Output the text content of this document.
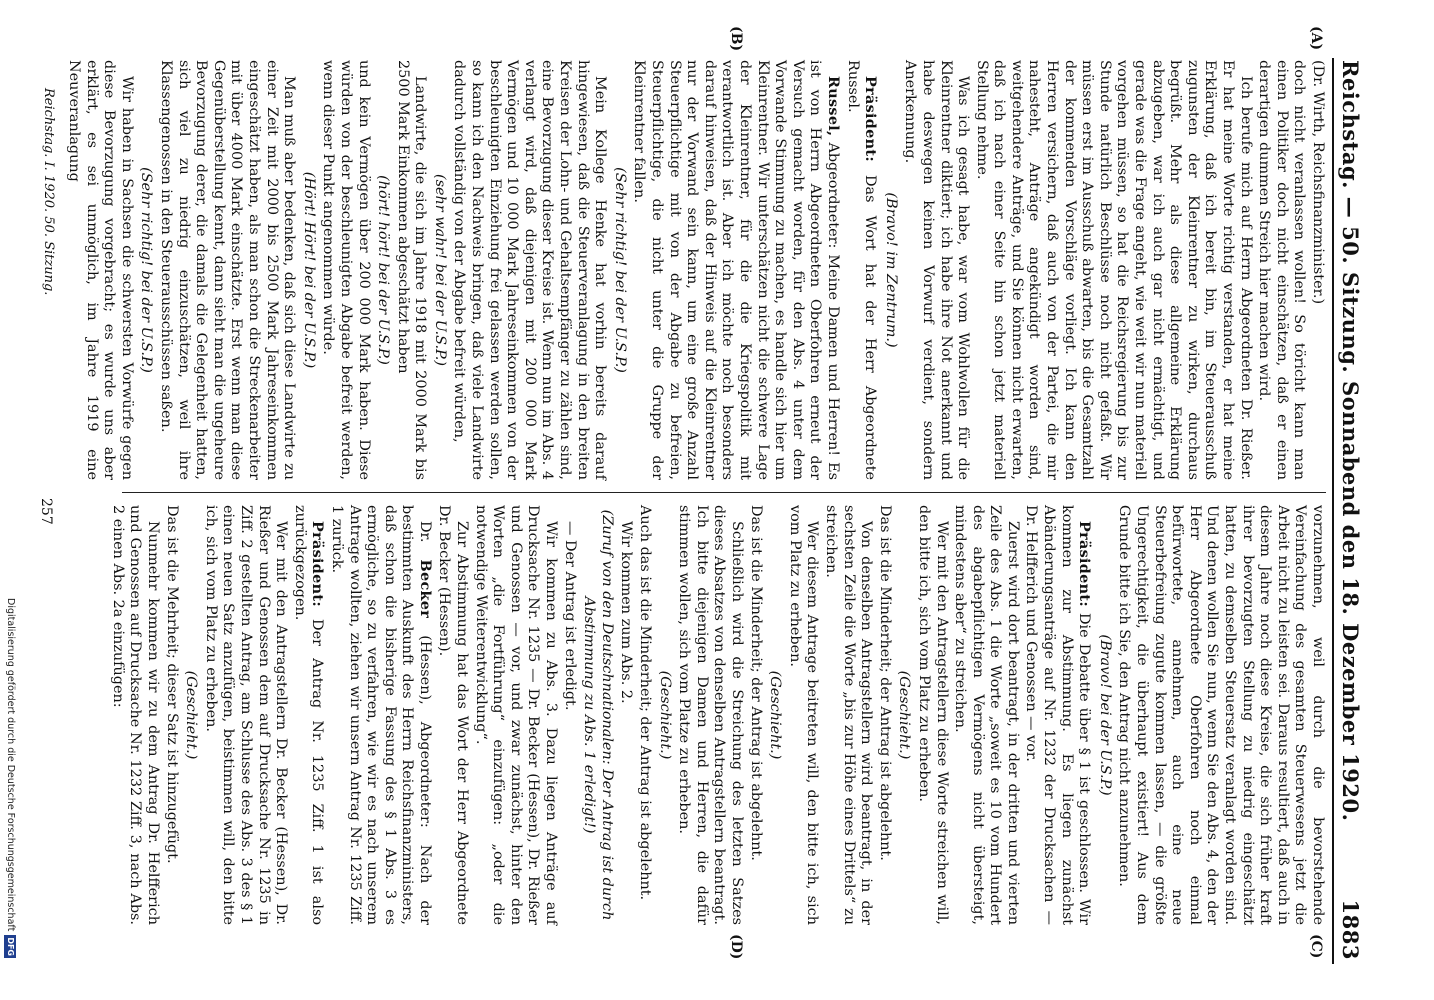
Reichstag. — 50. Sitzung. Sonnabend den 18. Dezember 1920.
1883
(A)
(B)
(C)
(D)

(Dr. Wirth, Reichsfinanzminister.)

doch nicht veranlassen wollen! So töricht kann man einen Politiker doch nicht einschätzen, daß er einen derartigen dummen Streich hier machen wird.

Ich berufe mich auf Herrn Abgeordneten Dr. Rießer. Er hat meine Worte richtig verstanden, er hat meine Erklärung, daß ich bereit bin, im Steuerausschuß zugunsten der Kleinrentner zu wirken, durchaus begrüßt. Mehr als diese allgemeine Erklärung abzugeben, war ich auch gar nicht ermächtigt, und gerade was die Frage angeht, wie weit wir nun materiell vorgehen müssen, so hat die Reichsregierung bis zur Stunde natürlich Beschlüsse noch nicht gefaßt. Wir müssen erst im Ausschuß abwarten, bis die Gesamtzahl der kommenden Vorschläge vorliegt. Ich kann den Herren versichern, daß auch von der Partei, die mir nahesteht, Anträge angekündigt worden sind, weitgehendere Anträge, und Sie können nicht erwarten, daß ich nach einer Seite hin schon jetzt materiell Stellung nehme.

Was ich gesagt habe, war vom Wohlwollen für die Kleinrentner diktiert; ich habe ihre Not anerkannt und habe deswegen keinen Vorwurf verdient, sondern Anerkennung.

(Bravo! im Zentrum.)

Präsident: Das Wort hat der Herr Abgeordnete Russel.

Russel, Abgeordneter: Meine Damen und Herren! Es ist von Herrn Abgeordneten Oberfohren erneut der Versuch gemacht worden, für den Abs. 4 unter dem Vorwande Stimmung zu machen, es handle sich hier um Kleinrentner. Wir unterschätzen nicht die schwere Lage der Kleinrentner, für die die Kriegspolitik mit verantwortlich ist. Aber ich möchte noch besonders darauf hinweisen, daß der Hinweis auf die Kleinrentner nur der Vorwand sein kann, um eine große Anzahl Steuerpflichtige mit von der Abgabe zu befreien, Steuerpflichtige, die nicht unter die Gruppe der Kleinrentner fallen.

(Sehr richtig! bei der U.S.P.)

Mein Kollege Henke hat vorhin bereits darauf hingewiesen, daß die Steuerveranlagung in den breiten Kreisen der Lohn- und Gehaltsempfänger zu zählen sind, eine Bevorzugung dieser Kreise ist. Wenn nun im Abs. 4 verlangt wird, daß diejenigen mit 200 000 Mark Vermögen und 10 000 Mark Jahreseinkommen von der beschleunigten Einziehung frei gelassen werden sollen, so kann ich den Nachweis bringen, daß viele Landwirte dadurch vollständig von der Abgabe befreit würden,

(sehr wahr! bei der U.S.P.)

Landwirte, die sich im Jahre 1918 mit 2000 Mark bis 2500 Mark Einkommen abgeschätzt haben

(hört! hört! bei der U.S.P.)

und kein Vermögen über 200 000 Mark haben. Diese würden von der beschleunigten Abgabe befreit werden, wenn dieser Punkt angenommen würde.

(Hört! Hört! bei der U.S.P.)

Man muß aber bedenken, daß sich diese Landwirte zu einer Zeit mit 2000 bis 2500 Mark Jahreseinkommen eingeschätzt haben, als man schon die Streckenarbeiter mit über 4000 Mark einschätzte. Erst wenn man diese Gegenüberstellung kennt, dann sieht man die ungeheure Bevorzugung derer, die damals die Gelegenheit hatten, sich viel zu niedrig einzuschätzen, weil ihre Klassengenossen in den Steuerausschüssen saßen.

(Sehr richtig! bei der U.S.P.)

Wir haben in Sachsen die schwersten Vorwürfe gegen diese Bevorzugung vorgebracht; es wurde uns aber erklärt, es sei unmöglich, im Jahre 1919 eine Neuveranlagung

vorzunehmen, weil durch die bevorstehende Vereinfachung des gesamten Steuerwesens jetzt die Arbeit nicht zu leisten sei. Daraus resultiert, daß auch in diesem Jahre noch diese Kreise, die sich früher kraft ihrer bevorzugten Stellung zu niedrig eingeschätzt hatten, zu demselben Steuersatz veranlagt worden sind. Und denen wollen Sie nun, wenn Sie den Abs. 4, den der Herr Abgeordnete Oberfohren noch einmal befürwortete, annehmen, auch eine neue Steuerbefreiung zugute kommen lassen, — die größte Ungerechtigkeit, die überhaupt existiert! Aus dem Grunde bitte ich Sie, den Antrag nicht anzunehmen.

(Bravo! bei der U.S.P.)

Präsident: Die Debatte über § 1 ist geschlossen. Wir kommen zur Abstimmung. Es liegen zunächst Abänderungsanträge auf Nr. 1232 der Drucksachen — Dr. Helfferich und Genossen — vor.

Zuerst wird dort beantragt, in der dritten und vierten Zeile des Abs. 1 die Worte „soweit es 10 vom Hundert des abgabepflichtigen Vermögens nicht übersteigt, mindestens aber“ zu streichen.

Wer mit den Antragstellern diese Worte streichen will, den bitte ich, sich vom Platz zu erheben.

(Geschieht.)

Das ist die Minderheit; der Antrag ist abgelehnt.

Von denselben Antragstellern wird beantragt, in der sechsten Zeile die Worte „bis zur Höhe eines Drittels“ zu streichen.

Wer diesem Antrage beitreten will, den bitte ich, sich vom Platz zu erheben.

(Geschieht.)

Das ist die Minderheit; der Antrag ist abgelehnt.

Schließlich wird die Streichung des letzten Satzes dieses Absatzes von denselben Antragstellern beantragt. Ich bitte diejenigen Damen und Herren, die dafür stimmen wollen, sich vom Platze zu erheben.

(Geschieht.)

Auch das ist die Minderheit; der Antrag ist abgelehnt.

Wir kommen zum Abs. 2.

(Zuruf von den Deutschnationalen: Der Antrag ist durch Abstimmung zu Abs. 1 erledigt!)

— Der Antrag ist erledigt.

Wir kommen zu Abs. 3. Dazu liegen Anträge auf Drucksache Nr. 1235 — Dr. Becker (Hessen), Dr. Rießer und Genossen — vor, und zwar zunächst, hinter den Worten „die Fortführung“ einzufügen: „oder die notwendige Weiterentwicklung“.

Zur Abstimmung hat das Wort der Herr Abgeordnete Dr. Becker (Hessen).

Dr. Becker (Hessen), Abgeordneter: Nach der bestimmten Auskunft des Herrn Reichsfinanzministers, daß schon die bisherige Fassung des § 1 Abs. 3 es ermögliche, so zu verfahren, wie wir es nach unserem Antrage wollten, ziehen wir unsern Antrag Nr. 1235 Ziff. 1 zurück.

Präsident: Der Antrag Nr. 1235 Ziff. 1 ist also zurückgezogen.

Wer mit den Antragstellern Dr. Becker (Hessen), Dr. Rießer und Genossen dem auf Drucksache Nr. 1235 in Ziff. 2 gestellten Antrag, am Schlusse des Abs. 3 des § 1 einen neuen Satz anzufügen, beistimmen will, den bitte ich, sich vom Platz zu erheben.

(Geschieht.)

Das ist die Mehrheit; dieser Satz ist hinzugefügt.

Nunmehr kommen wir zu dem Antrag Dr. Helfferich und Genossen auf Drucksache Nr. 1232 Ziff. 3, nach Abs. 2 einen Abs. 2a einzufügen:

Reichstag. I. 1920. 50. Sitzung.
257
Digitalisierung gefördert durch die Deutsche ForschungsgemeinschaftDFG
